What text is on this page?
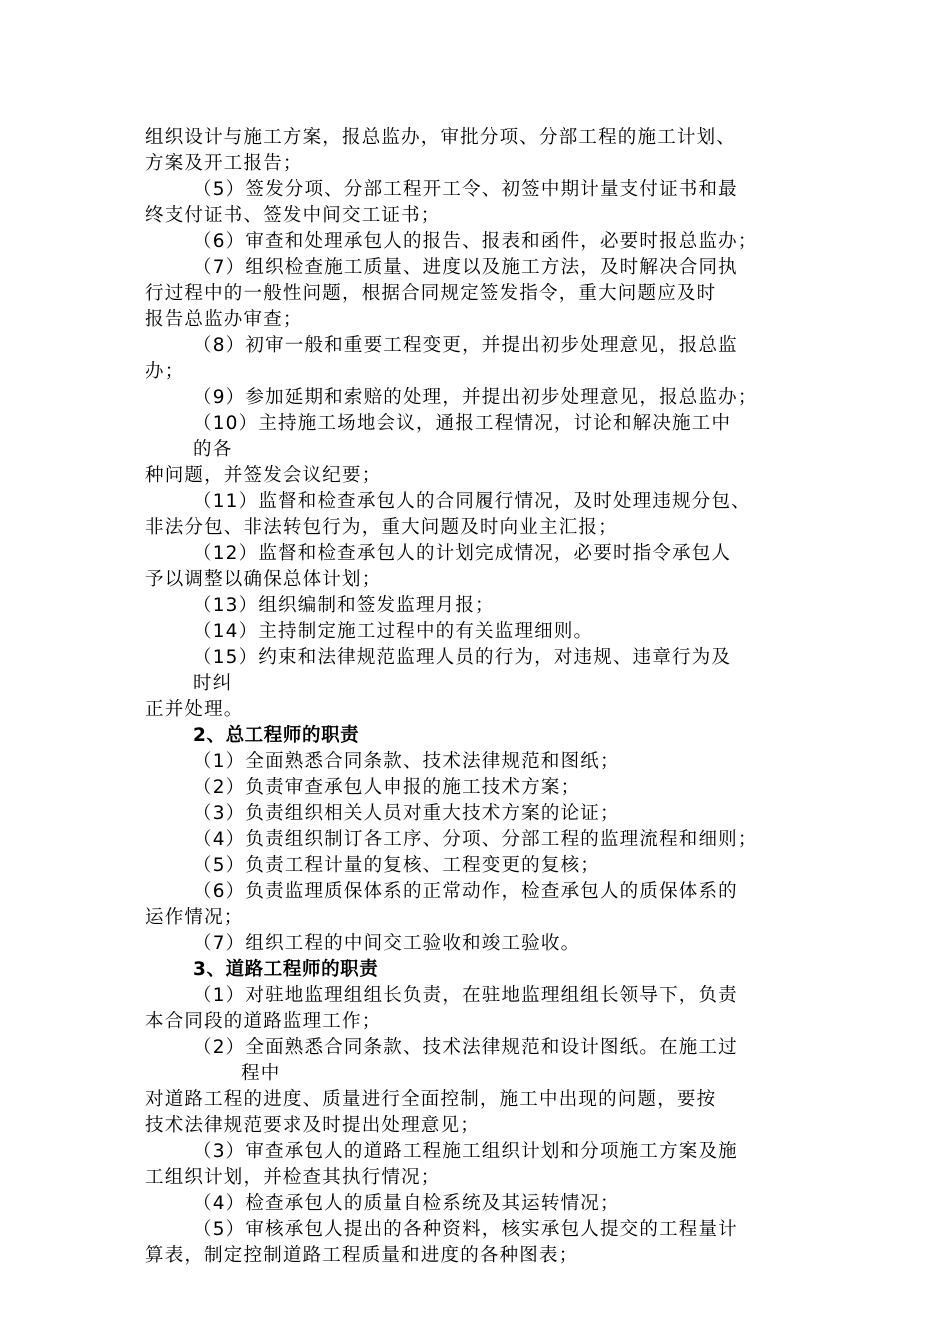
组织设计与施工方案，报总监办，审批分项、分部工程的施工计划、
方案及开工报告；
（5）签发分项、分部工程开工令、初签中期计量支付证书和最
终支付证书、签发中间交工证书；
（6）审查和处理承包人的报告、报表和函件，必要时报总监办；
（7）组织检查施工质量、进度以及施工方法，及时解决合同执
行过程中的一般性问题，根据合同规定签发指令，重大问题应及时
报告总监办审查；
（8）初审一般和重要工程变更，并提出初步处理意见，报总监
办；
（9）参加延期和索赔的处理，并提出初步处理意见，报总监办；
（10）主持施工场地会议，通报工程情况，讨论和解决施工中
的各
种问题，并签发会议纪要；
（11）监督和检查承包人的合同履行情况，及时处理违规分包、
非法分包、非法转包行为，重大问题及时向业主汇报；
（12）监督和检查承包人的计划完成情况，必要时指令承包人
予以调整以确保总体计划；
（13）组织编制和签发监理月报；
（14）主持制定施工过程中的有关监理细则。
（15）约束和法律规范监理人员的行为，对违规、违章行为及
时纠
正并处理。
2、总工程师的职责
（1）全面熟悉合同条款、技术法律规范和图纸；
（2）负责审查承包人申报的施工技术方案；
（3）负责组织相关人员对重大技术方案的论证；
（4）负责组织制订各工序、分项、分部工程的监理流程和细则；
（5）负责工程计量的复核、工程变更的复核；
（6）负责监理质保体系的正常动作，检查承包人的质保体系的
运作情况；
（7）组织工程的中间交工验收和竣工验收。
3、道路工程师的职责
（1）对驻地监理组组长负责，在驻地监理组组长领导下，负责
本合同段的道路监理工作；
（2）全面熟悉合同条款、技术法律规范和设计图纸。在施工过
程中
对道路工程的进度、质量进行全面控制，施工中出现的问题，要按
技术法律规范要求及时提出处理意见；
（3）审查承包人的道路工程施工组织计划和分项施工方案及施
工组织计划，并检查其执行情况；
（4）检查承包人的质量自检系统及其运转情况；
（5）审核承包人提出的各种资料，核实承包人提交的工程量计
算表，制定控制道路工程质量和进度的各种图表；
